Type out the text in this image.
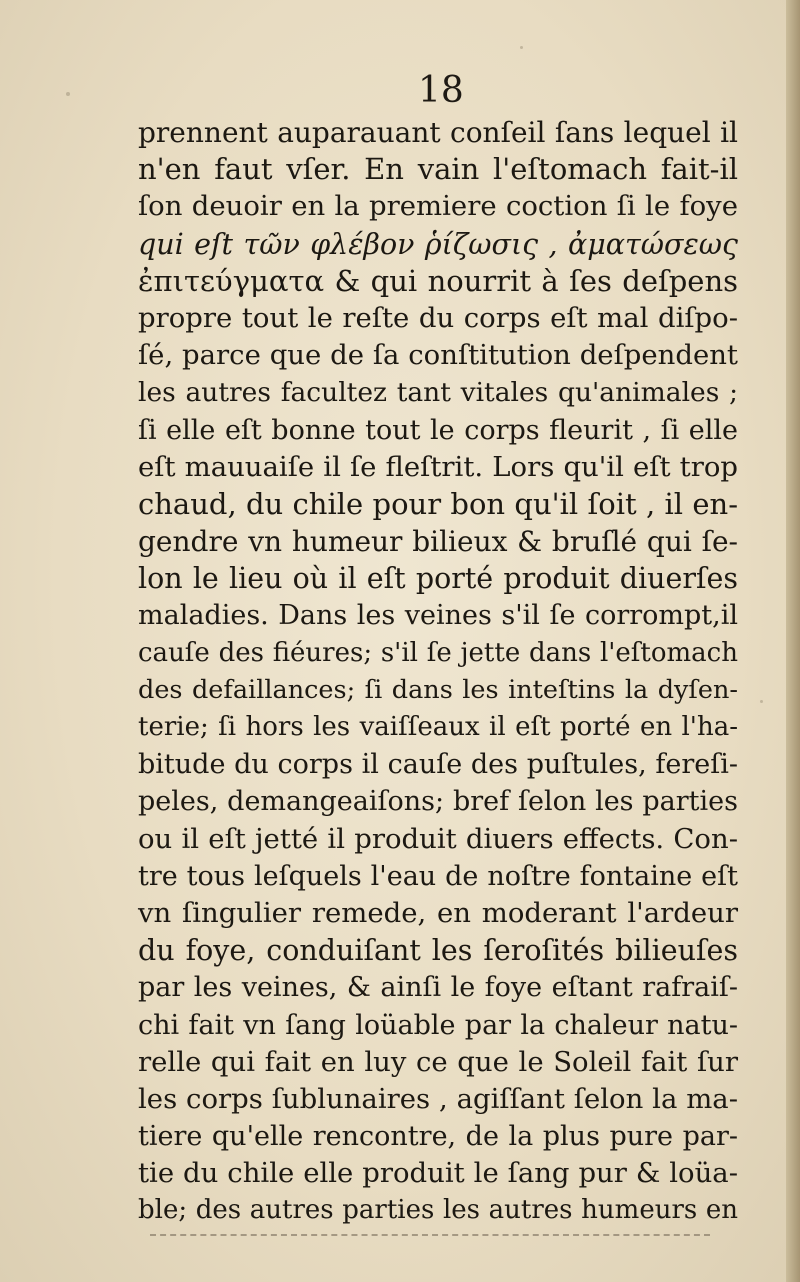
18
prennent auparauant conſeil ſans lequel il
n'en faut vſer. En vain l'eſtomach fait-il
ſon deuoir en la premiere coction ſi le foye
qui eſt τῶν φλέβον ῥίζωσις , ἀματώσεως
ἐπιτεύγματα & qui nourrit à ſes deſpens
propre tout le reſte du corps eſt mal diſpo-
ſé, parce que de ſa conſtitution deſpendent
les autres facultez tant vitales qu'animales ;
ſi elle eſt bonne tout le corps fleurit , ſi elle
eſt mauuaiſe il ſe fleſtrit. Lors qu'il eſt trop
chaud, du chile pour bon qu'il ſoit , il en-
gendre vn humeur bilieux & bruſlé qui ſe-
lon le lieu où il eſt porté produit diuerſes
maladies. Dans les veines s'il ſe corrompt,il
cauſe des fiéures; s'il ſe jette dans l'eſtomach
des defaillances; ſi dans les inteſtins la dyſen-
terie; ſi hors les vaiſſeaux il eſt porté en l'ha-
bitude du corps il cauſe des puſtules, fereſi-
peles, demangeaiſons; bref ſelon les parties
ou il eſt jetté il produit diuers effects. Con-
tre tous leſquels l'eau de noſtre fontaine eſt
vn ſingulier remede, en moderant l'ardeur
du foye, conduiſant les ſeroſités bilieuſes
par les veines, & ainſi le foye eſtant rafraiſ-
chi fait vn ſang loüable par la chaleur natu-
relle qui fait en luy ce que le Soleil fait ſur
les corps ſublunaires , agiſſant ſelon la ma-
tiere qu'elle rencontre, de la plus pure par-
tie du chile elle produit le ſang pur & loüa-
ble; des autres parties les autres humeurs en
